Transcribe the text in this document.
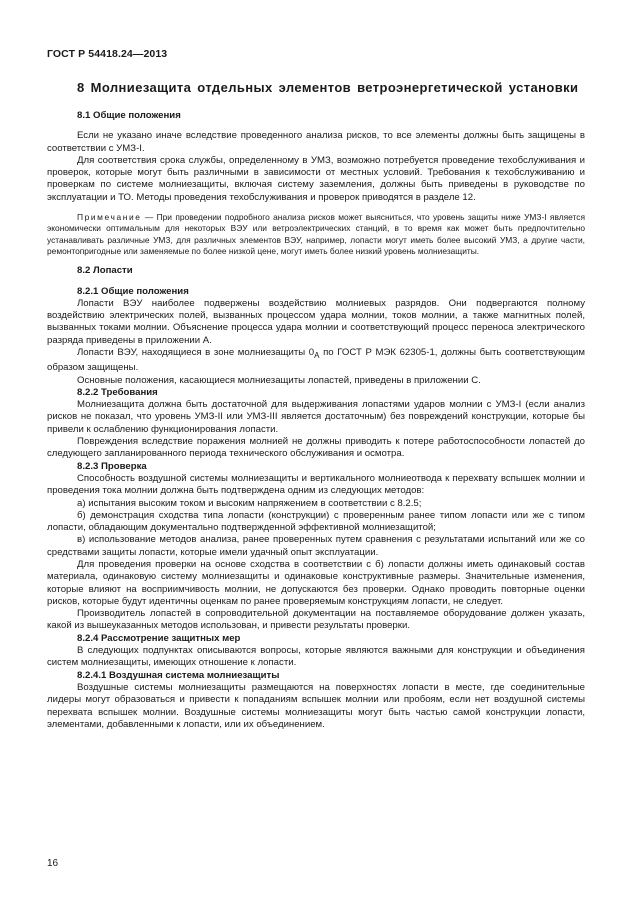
ГОСТ Р 54418.24—2013
8 Молниезащита отдельных элементов ветроэнергетической установки
8.1 Общие положения

Если не указано иначе вследствие проведенного анализа рисков, то все элементы должны быть защищены в соответствии с УМЗ-I.

Для соответствия срока службы, определенному в УМЗ, возможно потребуется проведение техобслуживания и проверок, которые могут быть различными в зависимости от местных условий. Требования к техобслуживанию и проверкам по системе молниезащиты, включая систему заземления, должны быть приведены в руководстве по эксплуатации и ТО. Методы проведения техобслуживания и проверок приводятся в разделе 12.

Примечание — При проведении подробного анализа рисков может выясниться, что уровень защиты ниже УМЗ-I является экономически оптимальным для некоторых ВЭУ или ветроэлектрических станций, в то время как может быть предпочтительно устанавливать различные УМЗ, для различных элементов ВЭУ, например, лопасти могут иметь более высокий УМЗ, а другие части, ремонтопригодные или заменяемые по более низкой цене, могут иметь более низкий уровень молниезащиты.

8.2 Лопасти
8.2.1 Общие положения

Лопасти ВЭУ наиболее подвержены воздействию молниевых разрядов. Они подвергаются полному воздействию электрических полей, вызванных процессом удара молнии, токов молнии, а также магнитных полей, вызванных токами молнии. Объяснение процесса удара молнии и соответствующий процесс переноса электрического разряда приведены в приложении А.

Лопасти ВЭУ, находящиеся в зоне молниезащиты $0_A$ по ГОСТ Р МЭК 62305-1, должны быть соответствующим образом защищены.

Основные положения, касающиеся молниезащиты лопастей, приведены в приложении С.

8.2.2 Требования

Молниезащита должна быть достаточной для выдерживания лопастями ударов молнии с УМЗ-I (если анализ рисков не показал, что уровень УМЗ-II или УМЗ-III является достаточным) без повреждений конструкции, которые бы привели к ослаблению функционирования лопасти.

Повреждения вследствие поражения молнией не должны приводить к потере работоспособности лопастей до следующего запланированного периода технического обслуживания и осмотра.

8.2.3 Проверка

Способность воздушной системы молниезащиты и вертикального молниеотвода к перехвату вспышек молнии и проведения тока молнии должна быть подтверждена одним из следующих методов:

а) испытания высоким током и высоким напряжением в соответствии с 8.2.5;

б) демонстрация сходства типа лопасти (конструкции) с проверенным ранее типом лопасти или же с типом лопасти, обладающим документально подтвержденной эффективной молниезащитой;

в) использование методов анализа, ранее проверенных путем сравнения с результатами испытаний или же со средствами защиты лопасти, которые имели удачный опыт эксплуатации.

Для проведения проверки на основе сходства в соответствии с б) лопасти должны иметь одинаковый состав материала, одинаковую систему молниезащиты и одинаковые конструктивные размеры. Значительные изменения, которые влияют на восприимчивость молнии, не допускаются без проверки. Однако проводить повторные оценки рисков, которые будут идентичны оценкам по ранее проверяемым конструкциям лопасти, не следует.

Производитель лопастей в сопроводительной документации на поставляемое оборудование должен указать, какой из вышеуказанных методов использован, и привести результаты проверки.

8.2.4 Рассмотрение защитных мер

В следующих подпунктах описываются вопросы, которые являются важными для конструкции и объединения систем молниезащиты, имеющих отношение к лопасти.

8.2.4.1 Воздушная система молниезащиты

Воздушные системы молниезащиты размещаются на поверхностях лопасти в месте, где соединительные лидеры могут образоваться и привести к попаданиям вспышек молнии или пробоям, если нет воздушной системы перехвата вспышек молнии. Воздушные системы молниезащиты могут быть частью самой конструкции лопасти, элементами, добавленными к лопасти, или их объединением.

16
